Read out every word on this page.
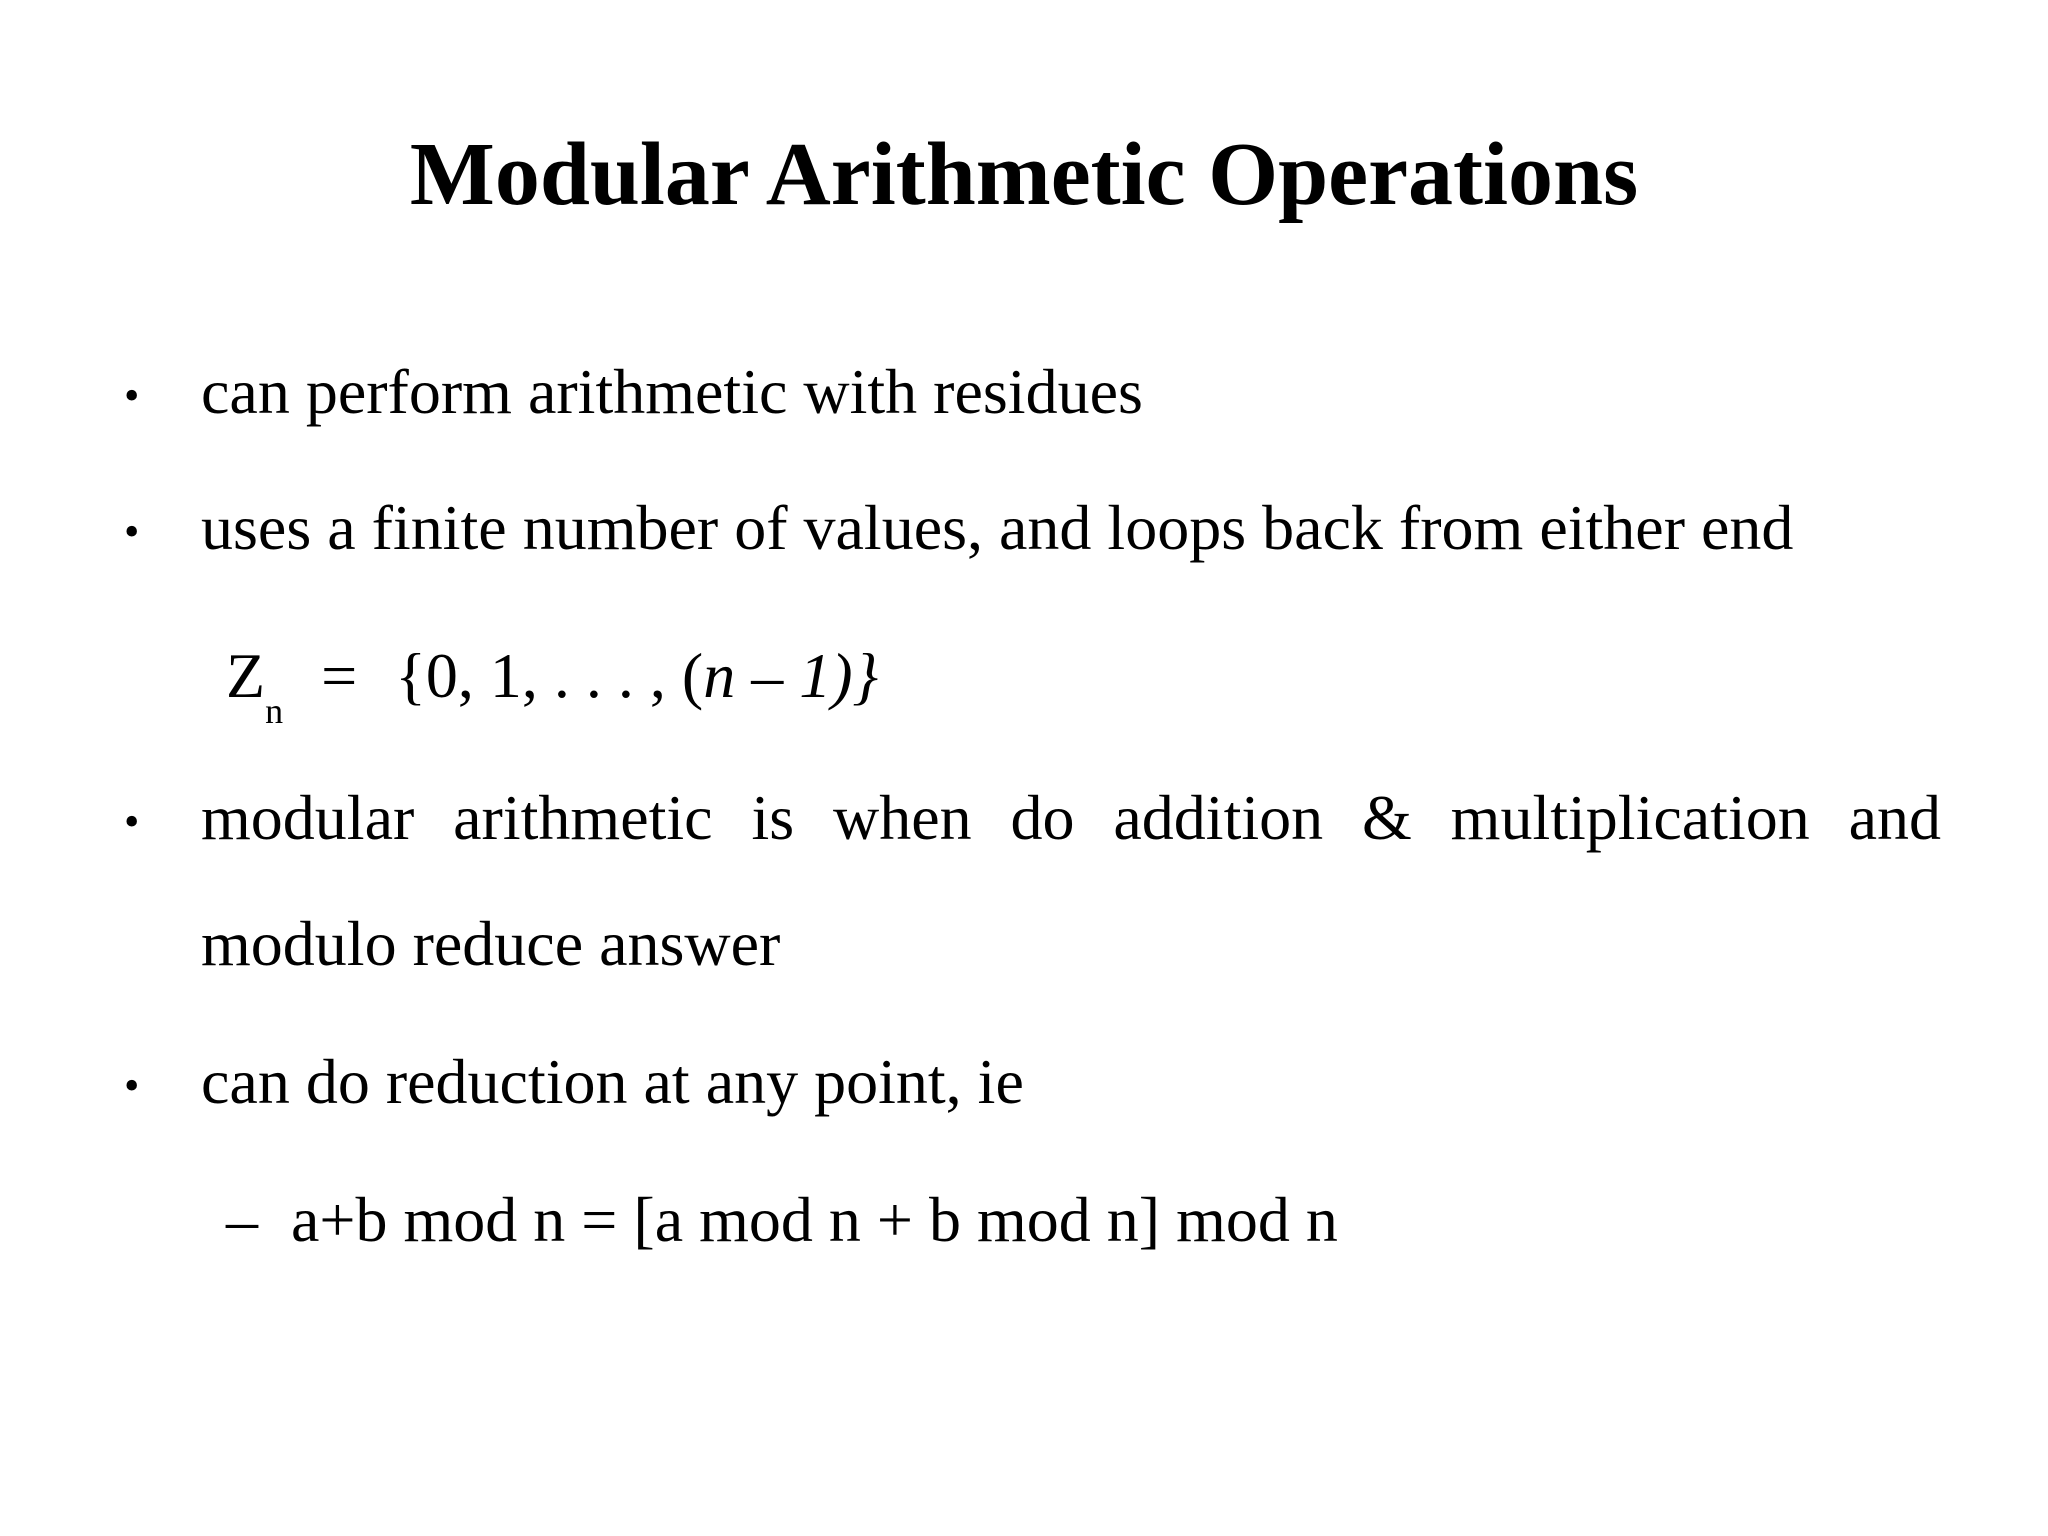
Modular Arithmetic Operations
• can perform arithmetic with residues
• uses a finite number of values, and loops back from either end
$Z_n = \{0$, 1, . . . , (n – 1)}
• modular arithmetic is when do addition & multiplication and
modulo reduce answer
• can do reduction at any point, ie
– a+b mod n = [a mod n + b mod n] mod n
